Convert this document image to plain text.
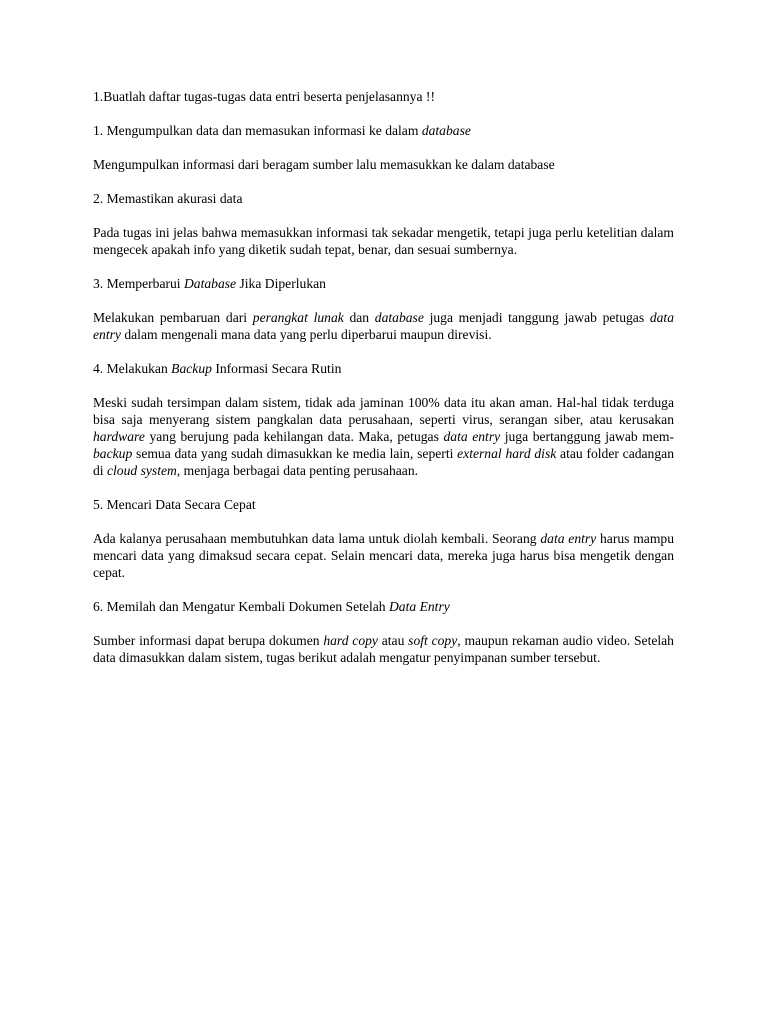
1.Buatlah daftar tugas-tugas data entri beserta penjelasannya !!
1. Mengumpulkan data dan memasukan informasi ke dalam database
Mengumpulkan informasi dari beragam sumber lalu memasukkan ke dalam database
2. Memastikan akurasi data
Pada tugas ini jelas bahwa memasukkan informasi tak sekadar mengetik, tetapi juga perlu ketelitian dalam mengecek apakah info yang diketik sudah tepat, benar, dan sesuai sumbernya.
3. Memperbarui Database Jika Diperlukan
Melakukan pembaruan dari perangkat lunak dan database juga menjadi tanggung jawab petugas data entry dalam mengenali mana data yang perlu diperbarui maupun direvisi.
4. Melakukan Backup Informasi Secara Rutin
Meski sudah tersimpan dalam sistem, tidak ada jaminan 100% data itu akan aman. Hal-hal tidak terduga bisa saja menyerang sistem pangkalan data perusahaan, seperti virus, serangan siber, atau kerusakan hardware yang berujung pada kehilangan data. Maka, petugas data entry juga bertanggung jawab mem-backup semua data yang sudah dimasukkan ke media lain, seperti external hard disk atau folder cadangan di cloud system, menjaga berbagai data penting perusahaan.
5. Mencari Data Secara Cepat
Ada kalanya perusahaan membutuhkan data lama untuk diolah kembali. Seorang data entry harus mampu mencari data yang dimaksud secara cepat. Selain mencari data, mereka juga harus bisa mengetik dengan cepat.
6. Memilah dan Mengatur Kembali Dokumen Setelah Data Entry
Sumber informasi dapat berupa dokumen hard copy atau soft copy, maupun rekaman audio video. Setelah data dimasukkan dalam sistem, tugas berikut adalah mengatur penyimpanan sumber tersebut.
